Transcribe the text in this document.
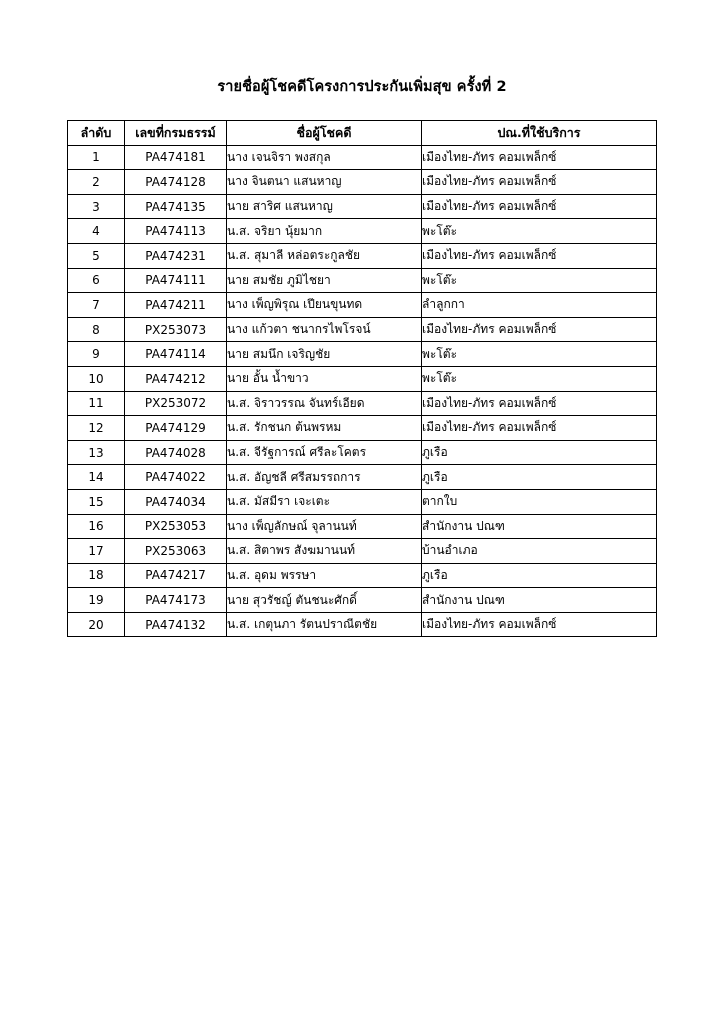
รายชื่อผู้โชคดีโครงการประกันเพิ่มสุข ครั้งที่ 2
ลำดับ	เลขที่กรมธรรม์	ชื่อผู้โชคดี	ปณ.ที่ใช้บริการ
1	PA474181	นาง เจนจิรา พงสกุล	เมืองไทย-ภัทร คอมเพล็กซ์
2	PA474128	นาง จินตนา แสนหาญ	เมืองไทย-ภัทร คอมเพล็กซ์
3	PA474135	นาย สาริศ แสนหาญ	เมืองไทย-ภัทร คอมเพล็กซ์
4	PA474113	น.ส. จริยา นุ้ยมาก	พะโต๊ะ
5	PA474231	น.ส. สุมาลี หล่อตระกูลชัย	เมืองไทย-ภัทร คอมเพล็กซ์
6	PA474111	นาย สมชัย ภูมิไชยา	พะโต๊ะ
7	PA474211	นาง เพ็ญพิรุณ เปียนขุนทด	ลำลูกกา
8	PX253073	นาง แก้วตา ชนากรไพโรจน์	เมืองไทย-ภัทร คอมเพล็กซ์
9	PA474114	นาย สมนึก เจริญชัย	พะโต๊ะ
10	PA474212	นาย อั้น น้ำขาว	พะโต๊ะ
11	PX253072	น.ส. จิราวรรณ จันทร์เอียด	เมืองไทย-ภัทร คอมเพล็กซ์
12	PA474129	น.ส. รักชนก ต้นพรหม	เมืองไทย-ภัทร คอมเพล็กซ์
13	PA474028	น.ส. จีรัฐการณ์ ศรีละโคตร	ภูเรือ
14	PA474022	น.ส. อัญชลี ศรีสมรรถการ	ภูเรือ
15	PA474034	น.ส. มัสมีรา เจะเตะ	ตากใบ
16	PX253053	นาง เพ็ญลักษณ์ จุลานนท์	สำนักงาน ปณฑ
17	PX253063	น.ส. สิตาพร สังฆมานนท์	บ้านอำเภอ
18	PA474217	น.ส. อุดม พรรษา	ภูเรือ
19	PA474173	นาย สุวรัชญ์ ตันชนะศักดิ์	สำนักงาน ปณฑ
20	PA474132	น.ส. เกตุนภา รัตนปราณีตชัย	เมืองไทย-ภัทร คอมเพล็กซ์
